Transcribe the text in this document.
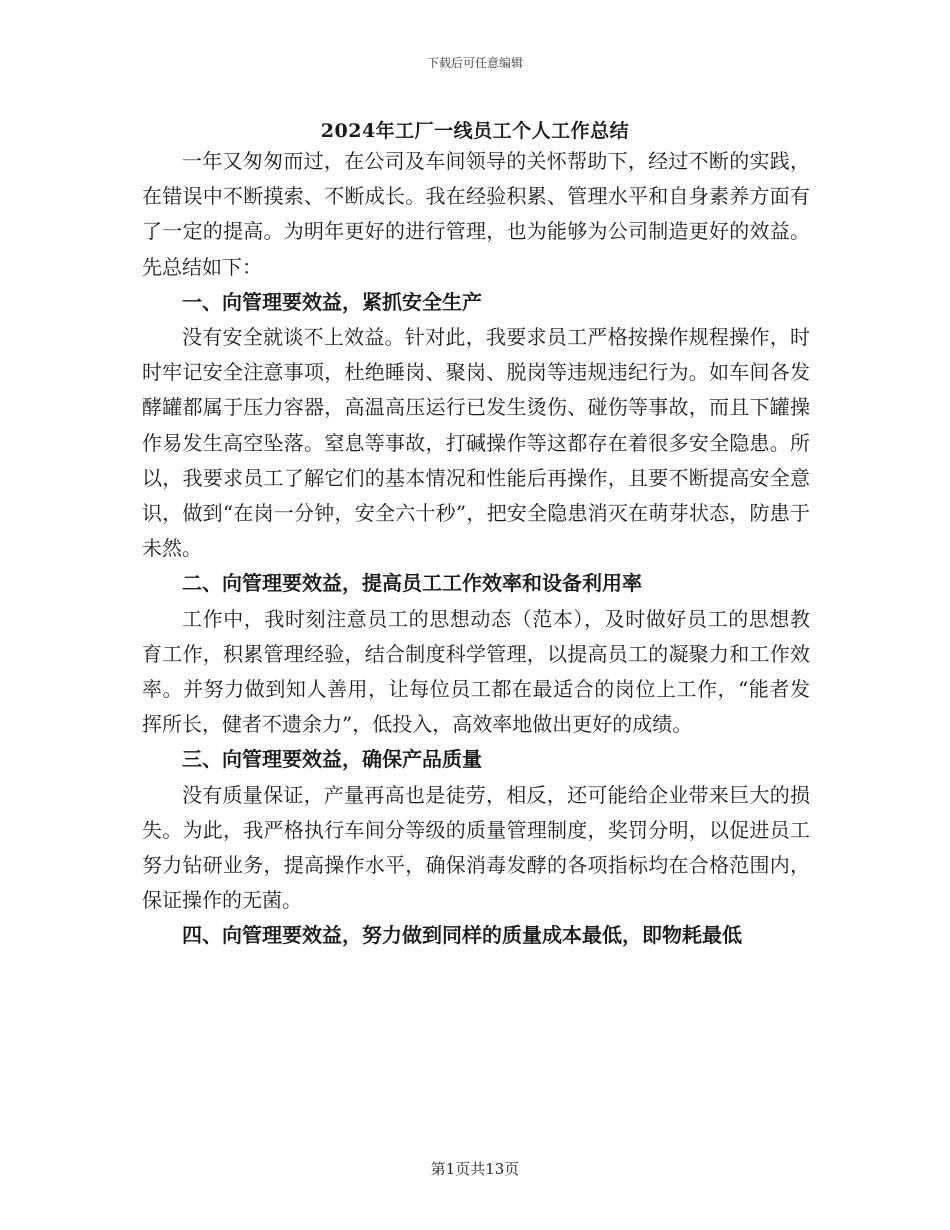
下载后可任意编辑
2024年工厂一线员工个人工作总结

一年又匆匆而过，在公司及车间领导的关怀帮助下，经过不断的实践，在错误中不断摸索、不断成长。我在经验积累、管理水平和自身素养方面有了一定的提高。为明年更好的进行管理，也为能够为公司制造更好的效益。先总结如下：

一、向管理要效益，紧抓安全生产

没有安全就谈不上效益。针对此，我要求员工严格按操作规程操作，时时牢记安全注意事项，杜绝睡岗、聚岗、脱岗等违规违纪行为。如车间各发酵罐都属于压力容器，高温高压运行已发生烫伤、碰伤等事故，而且下罐操作易发生高空坠落。窒息等事故，打碱操作等这都存在着很多安全隐患。所以，我要求员工了解它们的基本情况和性能后再操作，且要不断提高安全意识，做到“在岗一分钟，安全六十秒”，把安全隐患消灭在萌芽状态，防患于未然。

二、向管理要效益，提高员工工作效率和设备利用率

工作中，我时刻注意员工的思想动态（范本），及时做好员工的思想教育工作，积累管理经验，结合制度科学管理，以提高员工的凝聚力和工作效率。并努力做到知人善用，让每位员工都在最适合的岗位上工作，“能者发挥所长，健者不遗余力”，低投入，高效率地做出更好的成绩。

三、向管理要效益，确保产品质量

没有质量保证，产量再高也是徒劳，相反，还可能给企业带来巨大的损失。为此，我严格执行车间分等级的质量管理制度，奖罚分明，以促进员工努力钻研业务，提高操作水平，确保消毒发酵的各项指标均在合格范围内，保证操作的无菌。

四、向管理要效益，努力做到同样的质量成本最低，即物耗最低

第1页共13页
